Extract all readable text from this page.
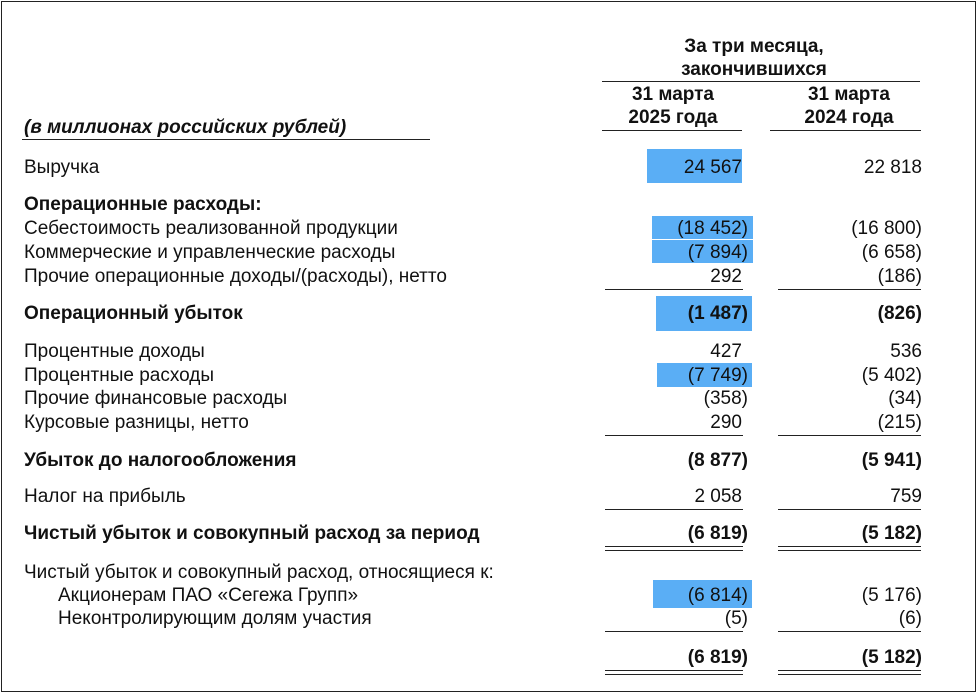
За три месяца,
закончившихся
31 марта
2025 года
31 марта
2024 года
(в миллионах российских рублей)
Выручка	24 567	22 818
Операционные расходы:
Себестоимость реализованной продукции	(18 452)	(16 800)
Коммерческие и управленческие расходы	(7 894)	(6 658)
Прочие операционные доходы/(расходы), нетто	292	(186)
Операционный убыток	(1 487)	(826)
Процентные доходы	427	536
Процентные расходы	(7 749)	(5 402)
Прочие финансовые расходы	(358)	(34)
Курсовые разницы, нетто	290	(215)
Убыток до налогообложения	(8 877)	(5 941)
Налог на прибыль	2 058	759
Чистый убыток и совокупный расход за период	(6 819)	(5 182)
Чистый убыток и совокупный расход, относящиеся к:
Акционерам ПАО «Сегежа Групп»	(6 814)	(5 176)
Неконтролирующим долям участия	(5)	(6)
(6 819)	(5 182)
